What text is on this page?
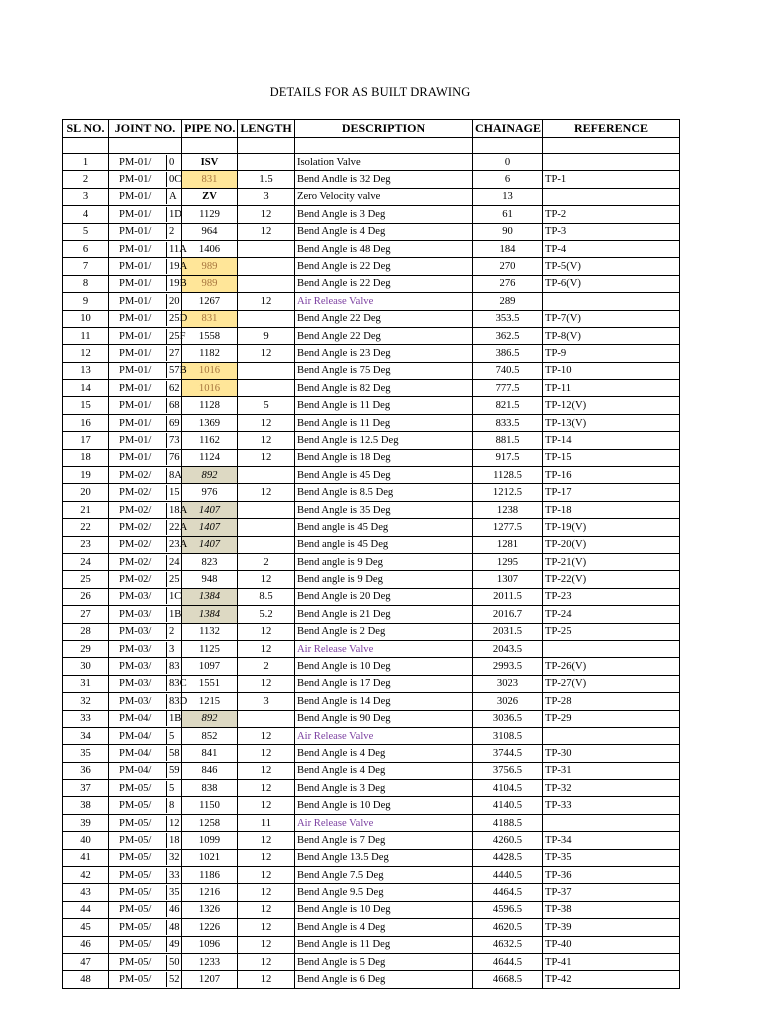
DETAILS FOR AS BUILT DRAWING
SL NO.	JOINT NO.	PIPE NO.	LENGTH	DESCRIPTION	CHAINAGE	REFERENCE

1	PM-01/ 0	ISV		Isolation Valve	0	
2	PM-01/ 0C	831	1.5	Bend Andle is 32 Deg	6	TP-1
3	PM-01/ A	ZV	3	Zero Velocity valve	13	
4	PM-01/ 1D	1129	12	Bend Angle is 3 Deg	61	TP-2
5	PM-01/ 2	964	12	Bend Angle is 4 Deg	90	TP-3
6	PM-01/ 11A	1406		Bend Angle is 48 Deg	184	TP-4
7	PM-01/ 19A	989		Bend Angle is 22 Deg	270	TP-5(V)
8	PM-01/ 19B	989		Bend Angle is 22 Deg	276	TP-6(V)
9	PM-01/ 20	1267	12	Air Release Valve	289	
10	PM-01/ 25D	831		Bend Angle 22 Deg	353.5	TP-7(V)
11	PM-01/ 25F	1558	9	Bend Angle 22 Deg	362.5	TP-8(V)
12	PM-01/ 27	1182	12	Bend Angle is 23 Deg	386.5	TP-9
13	PM-01/ 57B	1016		Bend Angle is 75 Deg	740.5	TP-10
14	PM-01/ 62	1016		Bend Angle is 82 Deg	777.5	TP-11
15	PM-01/ 68	1128	5	Bend Angle is 11 Deg	821.5	TP-12(V)
16	PM-01/ 69	1369	12	Bend Angle is 11 Deg	833.5	TP-13(V)
17	PM-01/ 73	1162	12	Bend Angle is 12.5 Deg	881.5	TP-14
18	PM-01/ 76	1124	12	Bend Angle is 18 Deg	917.5	TP-15
19	PM-02/ 8A	892		Bend Angle is 45 Deg	1128.5	TP-16
20	PM-02/ 15	976	12	Bend Angle is 8.5 Deg	1212.5	TP-17
21	PM-02/ 18A	1407		Bend Angle is 35 Deg	1238	TP-18
22	PM-02/ 22A	1407		Bend angle is 45 Deg	1277.5	TP-19(V)
23	PM-02/ 23A	1407		Bend angle is 45 Deg	1281	TP-20(V)
24	PM-02/ 24	823	2	Bend angle is 9 Deg	1295	TP-21(V)
25	PM-02/ 25	948	12	Bend angle is 9 Deg	1307	TP-22(V)
26	PM-03/ 1C	1384	8.5	Bend Angle is 20 Deg	2011.5	TP-23
27	PM-03/ 1B	1384	5.2	Bend Angle is 21 Deg	2016.7	TP-24
28	PM-03/ 2	1132	12	Bend Angle is 2 Deg	2031.5	TP-25
29	PM-03/ 3	1125	12	Air Release Valve	2043.5	
30	PM-03/ 83	1097	2	Bend Angle is 10 Deg	2993.5	TP-26(V)
31	PM-03/ 83C	1551	12	Bend Angle is 17 Deg	3023	TP-27(V)
32	PM-03/ 83D	1215	3	Bend Angle is 14 Deg	3026	TP-28
33	PM-04/ 1B	892		Bend Angle is 90 Deg	3036.5	TP-29
34	PM-04/ 5	852	12	Air Release Valve	3108.5	
35	PM-04/ 58	841	12	Bend Angle is 4 Deg	3744.5	TP-30
36	PM-04/ 59	846	12	Bend Angle is 4 Deg	3756.5	TP-31
37	PM-05/ 5	838	12	Bend Angle is 3 Deg	4104.5	TP-32
38	PM-05/ 8	1150	12	Bend Angle is 10 Deg	4140.5	TP-33
39	PM-05/ 12	1258	11	Air Release Valve	4188.5	
40	PM-05/ 18	1099	12	Bend Angle is 7 Deg	4260.5	TP-34
41	PM-05/ 32	1021	12	Bend Angle 13.5 Deg	4428.5	TP-35
42	PM-05/ 33	1186	12	Bend Angle 7.5 Deg	4440.5	TP-36
43	PM-05/ 35	1216	12	Bend Angle 9.5 Deg	4464.5	TP-37
44	PM-05/ 46	1326	12	Bend Angle is 10 Deg	4596.5	TP-38
45	PM-05/ 48	1226	12	Bend Angle is 4 Deg	4620.5	TP-39
46	PM-05/ 49	1096	12	Bend Angle is 11 Deg	4632.5	TP-40
47	PM-05/ 50	1233	12	Bend Angle is 5 Deg	4644.5	TP-41
48	PM-05/ 52	1207	12	Bend Angle is 6 Deg	4668.5	TP-42
